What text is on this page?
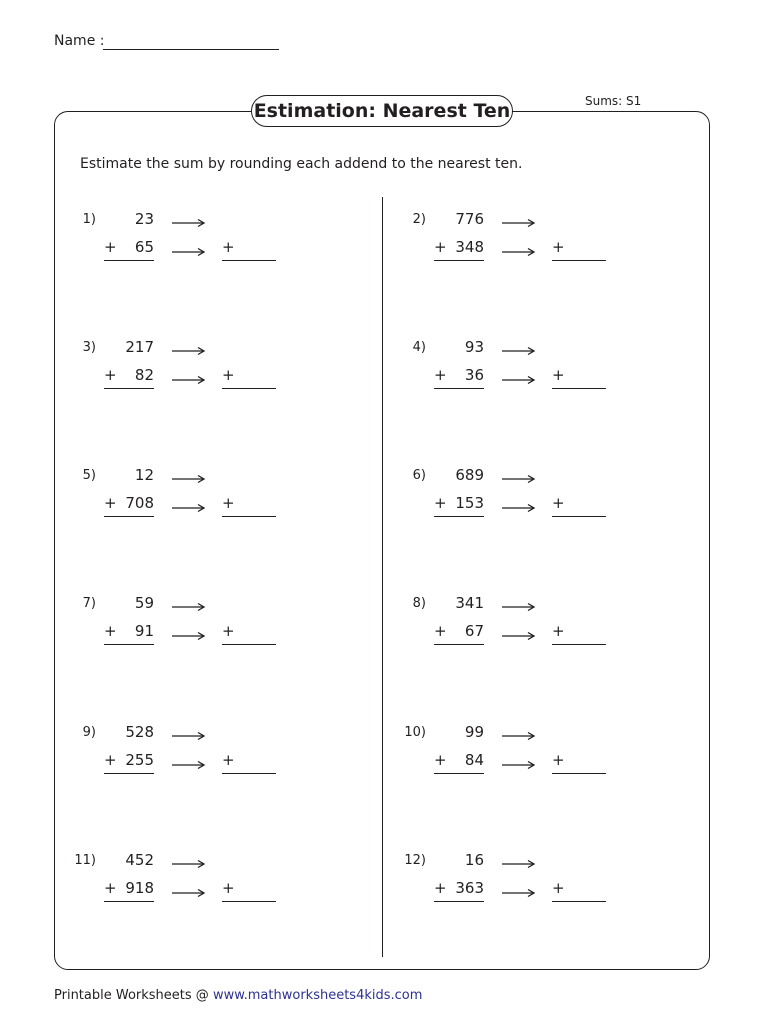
Name :
Estimation: Nearest Ten	Sums: S1
Estimate the sum by rounding each addend to the nearest ten.
1)	23
+	65	+
2)	776
+ 348	+
3)	217
+	82	+
4)	93
+	36	+
5)	12
+ 708	+
6)	689
+ 153	+
7)	59
+	91	+
8)	341
+	67	+
9)	528
+ 255	+
10)	99
+	84	+
11)	452
+ 918	+
12)	16
+ 363	+
Printable Worksheets @ www.mathworksheets4kids.com
